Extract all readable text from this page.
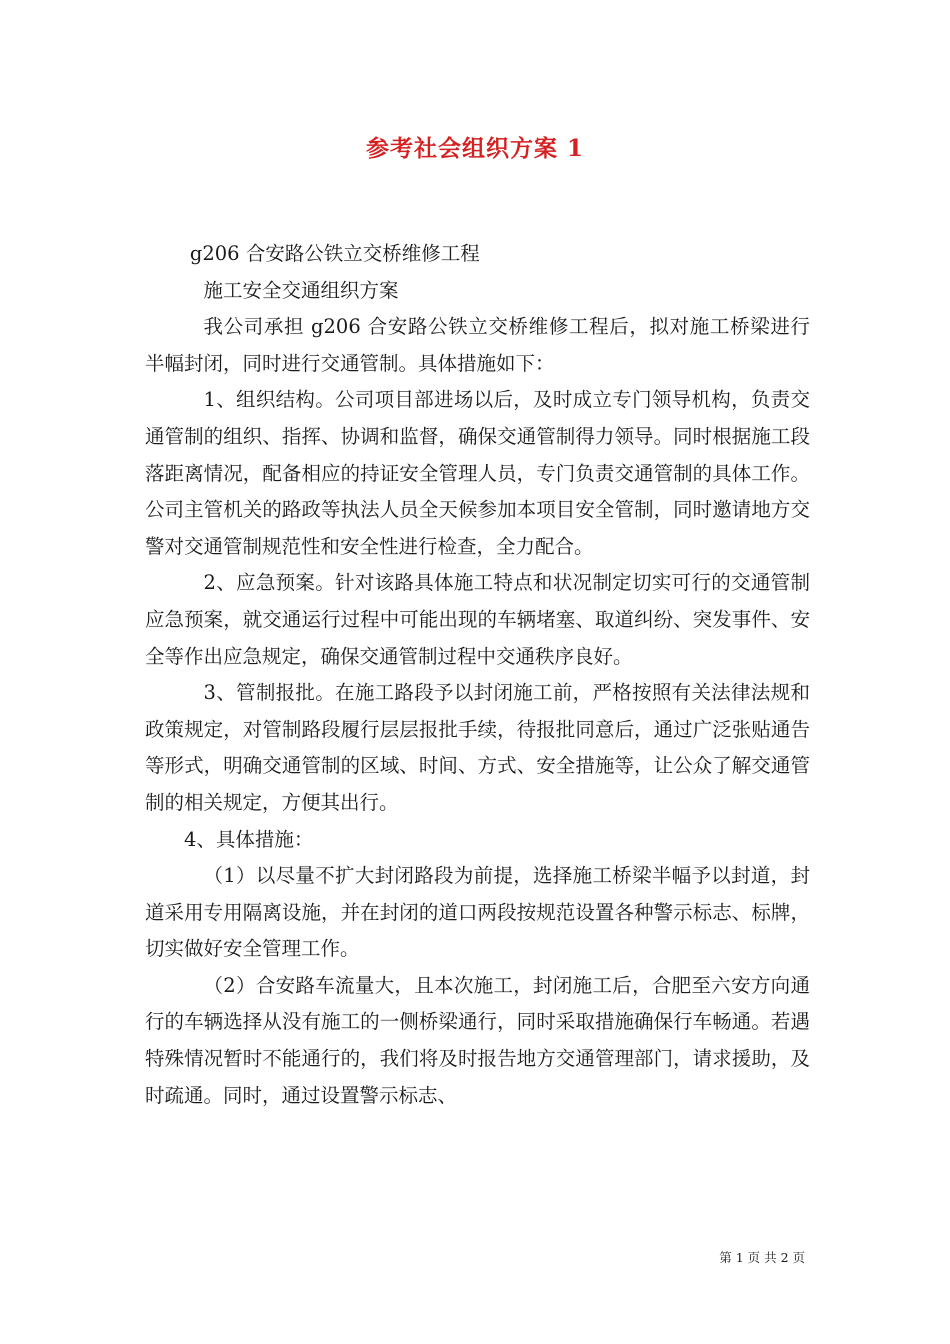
参考社会组织方案 1

g206 合安路公铁立交桥维修工程

施工安全交通组织方案

我公司承担 g206 合安路公铁立交桥维修工程后，拟对施工桥梁进行半幅封闭，同时进行交通管制。具体措施如下：

1、组织结构。公司项目部进场以后，及时成立专门领导机构，负责交通管制的组织、指挥、协调和监督，确保交通管制得力领导。同时根据施工段落距离情况，配备相应的持证安全管理人员，专门负责交通管制的具体工作。公司主管机关的路政等执法人员全天候参加本项目安全管制，同时邀请地方交警对交通管制规范性和安全性进行检查，全力配合。

2、应急预案。针对该路具体施工特点和状况制定切实可行的交通管制应急预案，就交通运行过程中可能出现的车辆堵塞、取道纠纷、突发事件、安全等作出应急规定，确保交通管制过程中交通秩序良好。

3、管制报批。在施工路段予以封闭施工前，严格按照有关法律法规和政策规定，对管制路段履行层层报批手续，待报批同意后，通过广泛张贴通告等形式，明确交通管制的区域、时间、方式、安全措施等，让公众了解交通管制的相关规定，方便其出行。

4、具体措施：

（1）以尽量不扩大封闭路段为前提，选择施工桥梁半幅予以封道，封道采用专用隔离设施，并在封闭的道口两段按规范设置各种警示标志、标牌，切实做好安全管理工作。

（2）合安路车流量大，且本次施工，封闭施工后，合肥至六安方向通行的车辆选择从没有施工的一侧桥梁通行，同时采取措施确保行车畅通。若遇特殊情况暂时不能通行的，我们将及时报告地方交通管理部门，请求援助，及时疏通。同时，通过设置警示标志、

第 1 页 共 2 页
